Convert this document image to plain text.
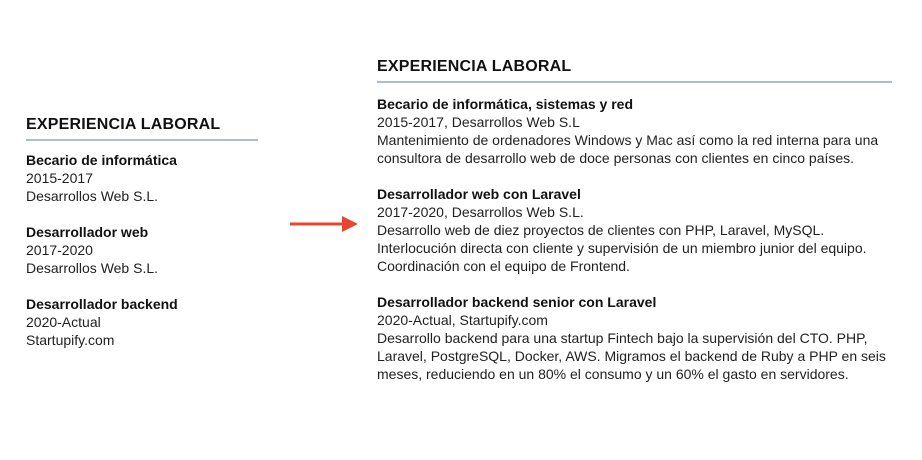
EXPERIENCIA LABORAL
Becario de informática
2015-2017
Desarrollos Web S.L.
Desarrollador web
2017-2020
Desarrollos Web S.L.
Desarrollador backend
2020-Actual
Startupify.com
EXPERIENCIA LABORAL
Becario de informática, sistemas y red
2015-2017, Desarrollos Web S.L
Mantenimiento de ordenadores Windows y Mac así como la red interna para una consultora de desarrollo web de doce personas con clientes en cinco países.
Desarrollador web con Laravel
2017-2020, Desarrollos Web S.L.
Desarrollo web de diez proyectos de clientes con PHP, Laravel, MySQL. Interlocución directa con cliente y supervisión de un miembro junior del equipo. Coordinación con el equipo de Frontend.
Desarrollador backend senior con Laravel
2020-Actual, Startupify.com
Desarrollo backend para una startup Fintech bajo la supervisión del CTO. PHP, Laravel, PostgreSQL, Docker, AWS. Migramos el backend de Ruby a PHP en seis meses, reduciendo en un 80% el consumo y un 60% el gasto en servidores.
